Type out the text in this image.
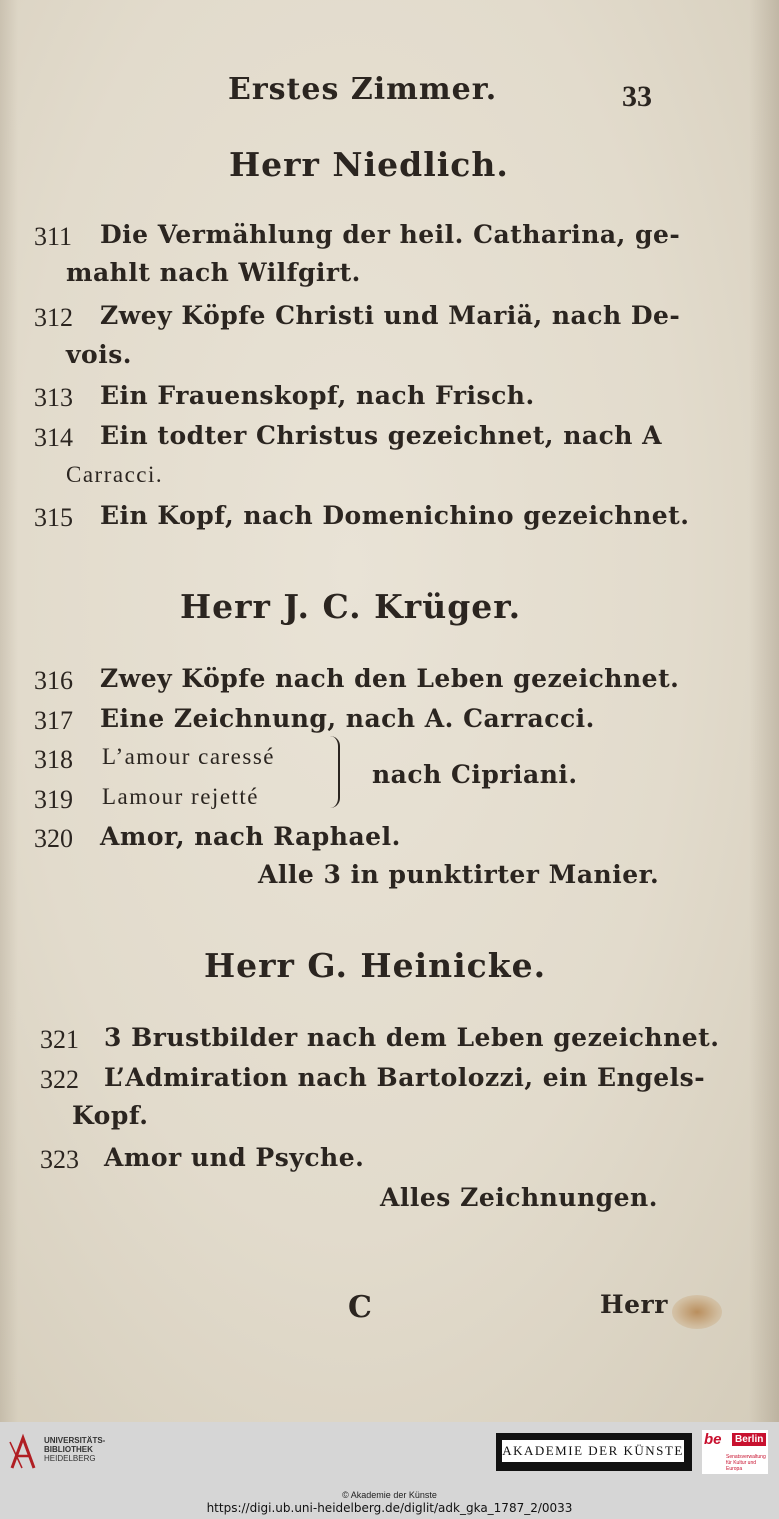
Erstes Zimmer.	33
Herr Niedlich.
311 Die Vermählung der heil. Catharina, ge-
mahlt nach Wilfgirt.
312 Zwey Köpfe Christi und Mariä, nach De-
vois.
313 Ein Frauenskopf, nach Frisch.
314 Ein todter Christus gezeichnet, nach A
Carracci.
315 Ein Kopf, nach Domenichino gezeichnet.
Herr J. C. Krüger.
316 Zwey Köpfe nach den Leben gezeichnet.
317 Eine Zeichnung, nach A. Carracci.
318 L’amour caressé
319 Lamour rejetté
nach Cipriani.
320 Amor, nach Raphael.
Alle 3 in punktirter Manier.
Herr G. Heinicke.
321 3 Brustbilder nach dem Leben gezeichnet.
322 L’Admiration nach Bartolozzi, ein Engels-
Kopf.
323 Amor und Psyche.
Alles Zeichnungen.
C	Herr
UNIVERSITÄTS-
BIBLIOTHEK
HEIDELBERG
AKADEMIE DER KÜNSTE
be	Berlin
Senatsverwaltung
für Kultur und Europa
© Akademie der Künste
https://digi.ub.uni-heidelberg.de/diglit/adk_gka_1787_2/0033
